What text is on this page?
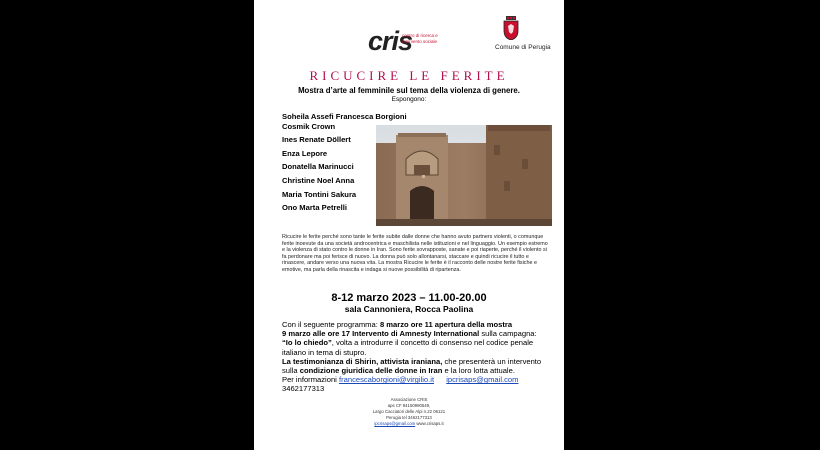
cris
centro di ricerca e
intervento sociale
Comune di Perugia
RICUCIRE LE FERITE
Mostra d’arte al femminile sul tema della violenza di genere.
Espongono:
Soheila Assefi Francesca Borgioni
Cosmik Crown
Ines Renate Döllert
Enza Lepore
Donatella Marinucci
Christine Noel Anna
Maria Tontini Sakura
Ono Marta Petrelli
Ricucire le ferite perché sono tante le ferite subite dalle donne che hanno avuto partners violenti, o comunque ferite inoevute da una società androcentrica e maschilista nelle istituzioni e nel linguaggio. Un esempio estremo e la violenza di stato contro le donne in Iran. Sono ferite sovrapposte, sanate e poi riaperte, perché il violento si fa perdonare ma poi ferisce di nuovo. La donna può solo allontanarsi, staccare e quindi ricucire il tutto e rinascere, andare verso una nuova vita. La mostra Ricucire le ferite è il racconto delle nostre ferite fisiche e emotive, ma parla della rinascita e indaga si nuove possibilità di ripartenza.
8-12 marzo 2023 – 11.00-20.00
sala Cannoniera, Rocca Paolina
Con il seguente programma: 8 marzo ore 11 apertura della mostra
9 marzo alle ore 17 Intervento di Amnesty International sulla campagna:
“Io lo chiedo”, volta a introdurre il concetto di consenso nel codice penale italiano in tema di stupro.
La testimonianza di Shirin, attivista iraniana, che presenterà un intervento sulla condizione giuridica delle donne in Iran e la loro lotta attuale.
Per informazioni francescaborgioni@virgilio.it ipcrisaps@gmail.com
3462177313
Associazione CRIS
aps CF 94150990549,
Largo Cacciatori delle Alpi n.22 06121
Perugia tel 3462177313
ipcrisaps@gmail.com www.crisaps.it
